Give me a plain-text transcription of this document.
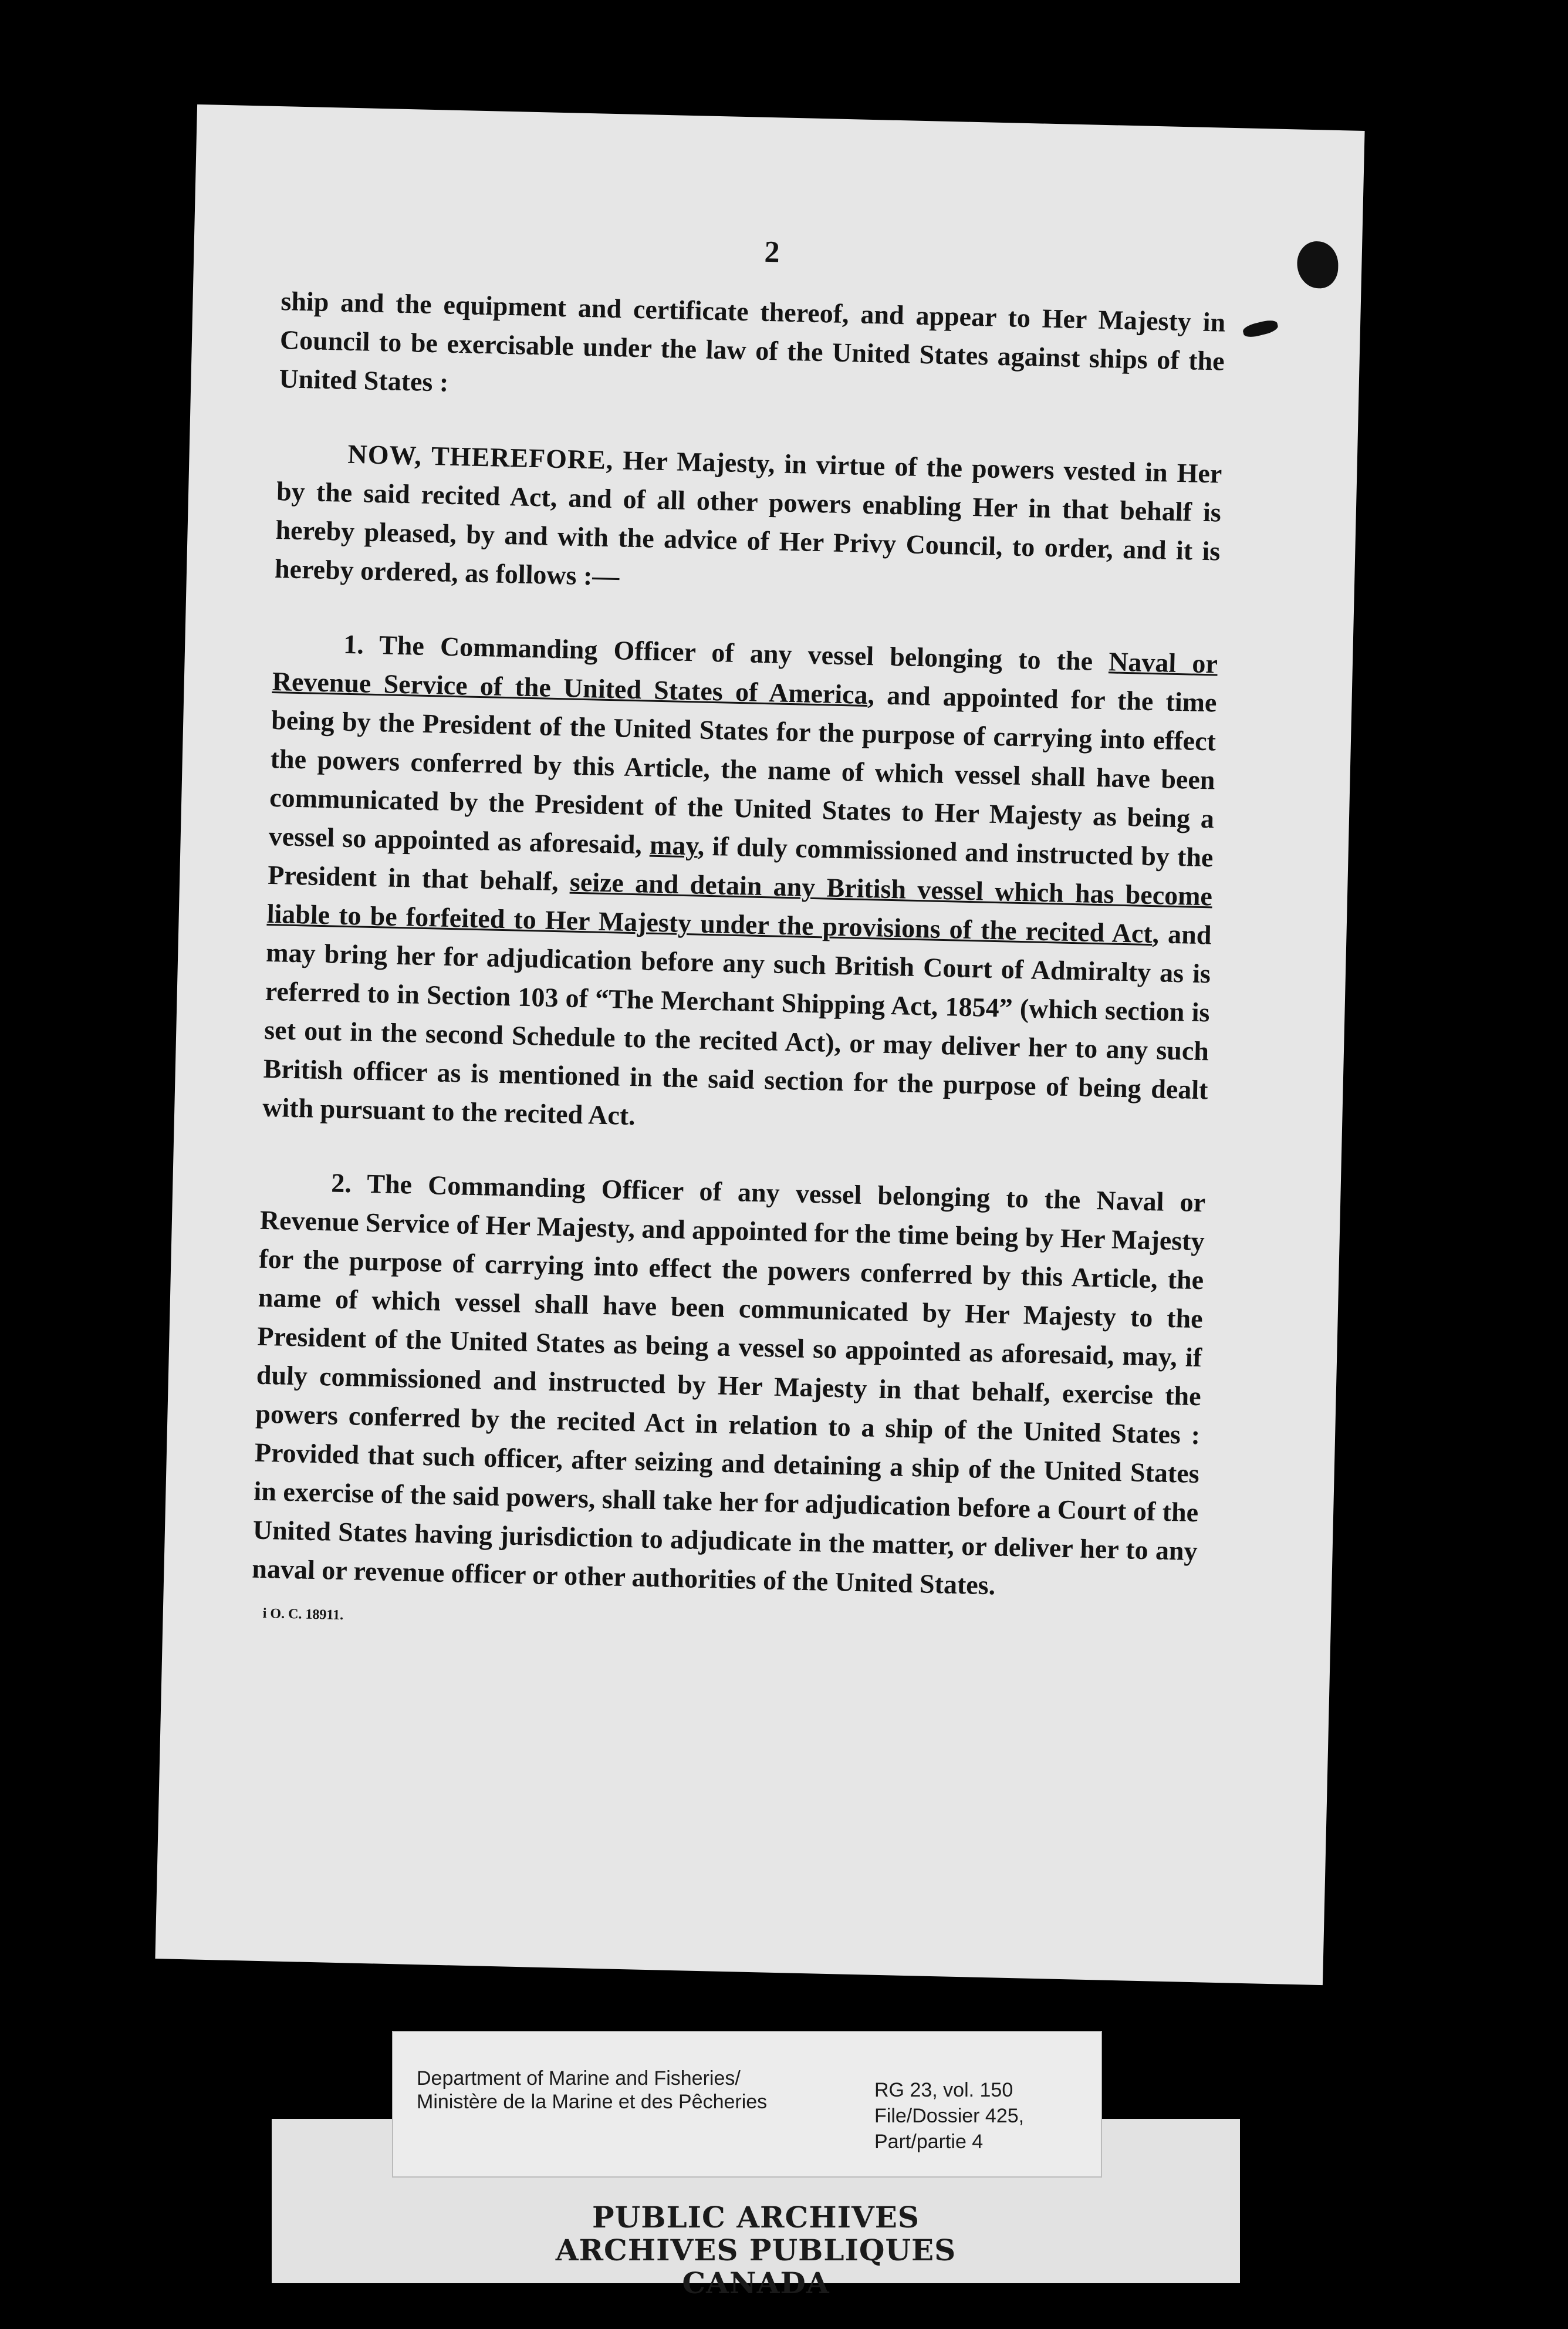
2

ship and the equipment and certificate thereof, and appear to Her Majesty in Council to be exercisable under the law of the United States against ships of the United States :

NOW, THEREFORE, Her Majesty, in virtue of the powers vested in Her by the said recited Act, and of all other powers enabling Her in that behalf is hereby pleased, by and with the advice of Her Privy Council, to order, and it is hereby ordered, as follows :—

1. The Commanding Officer of any vessel belonging to the Naval or Revenue Service of the United States of America, and appointed for the time being by the President of the United States for the purpose of carrying into effect the powers conferred by this Article, the name of which vessel shall have been communicated by the President of the United States to Her Majesty as being a vessel so appointed as aforesaid, may, if duly commissioned and instructed by the President in that behalf, seize and detain any British vessel which has become liable to be forfeited to Her Majesty under the provisions of the recited Act, and may bring her for adjudication before any such British Court of Admiralty as is referred to in Section 103 of “The Merchant Shipping Act, 1854” (which section is set out in the second Schedule to the recited Act), or may deliver her to any such British officer as is mentioned in the said section for the purpose of being dealt with pursuant to the recited Act.

2. The Commanding Officer of any vessel belonging to the Naval or Revenue Service of Her Majesty, and appointed for the time being by Her Majesty for the purpose of carrying into effect the powers conferred by this Article, the name of which vessel shall have been communicated by Her Majesty to the President of the United States as being a vessel so appointed as aforesaid, may, if duly commissioned and instructed by Her Majesty in that behalf, exercise the powers conferred by the recited Act in relation to a ship of the United States : Provided that such officer, after seizing and detaining a ship of the United States in exercise of the said powers, shall take her for adjudication before a Court of the United States having jurisdiction to adjudicate in the matter, or deliver her to any naval or revenue officer or other authorities of the United States.

i O. C. 18911.
PUBLIC ARCHIVES
ARCHIVES PUBLIQUES
CANADA
Department of Marine and Fisheries/
Ministère de la Marine et des Pêcheries
RG 23, vol. 150
File/Dossier 425,
Part/partie 4
